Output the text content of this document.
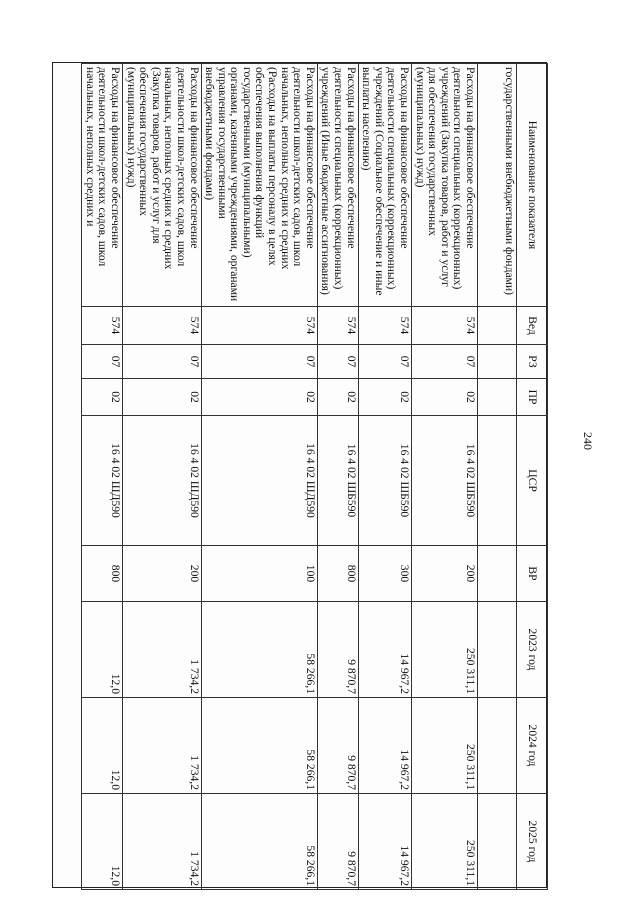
240
Наименование показателя	Вед	РЗ	ПР	ЦСР	ВР	2023 год	2024 год	2025 год
государственными внебюджетными фондами)								
Расходы на финансовое обеспечение деятельности специальных (коррекционных) учреждений (Закупка товаров, работ и услуг для обеспечения государственных (муниципальных) нужд)	574	07	02	16 4 02 ШБ590	200	250 311,1	250 311,1	250 311,1
Расходы на финансовое обеспечение деятельности специальных (коррекционных) учреждений (Социальное обеспечение и иные выплаты населению)	574	07	02	16 4 02 ШБ590	300	14 967,2	14 967,2	14 967,2
Расходы на финансовое обеспечение деятельности специальных (коррекционных) учреждений (Иные бюджетные ассигнования)	574	07	02	16 4 02 ШБ590	800	9 870,7	9 870,7	9 870,7
Расходы на финансовое обеспечение деятельности школ-детских садов, школ начальных, неполных средних и средних (Расходы на выплаты персоналу в целях обеспечения выполнения функций государственными (муниципальными) органами, казенными учреждениями, органами управления государственными внебюджетными фондами)	574	07	02	16 4 02 ШД590	100	58 266,1	58 266,1	58 266,1
Расходы на финансовое обеспечение деятельности школ-детских садов, школ начальных, неполных средних и средних (Закупка товаров, работ и услуг для обеспечения государственных (муниципальных) нужд)	574	07	02	16 4 02 ШД590	200	1 734,2	1 734,2	1 734,2
Расходы на финансовое обеспечение деятельности школ-детских садов, школ начальных, неполных средних и	574	07	02	16 4 02 ШД590	800	12,0	12,0	12,0
